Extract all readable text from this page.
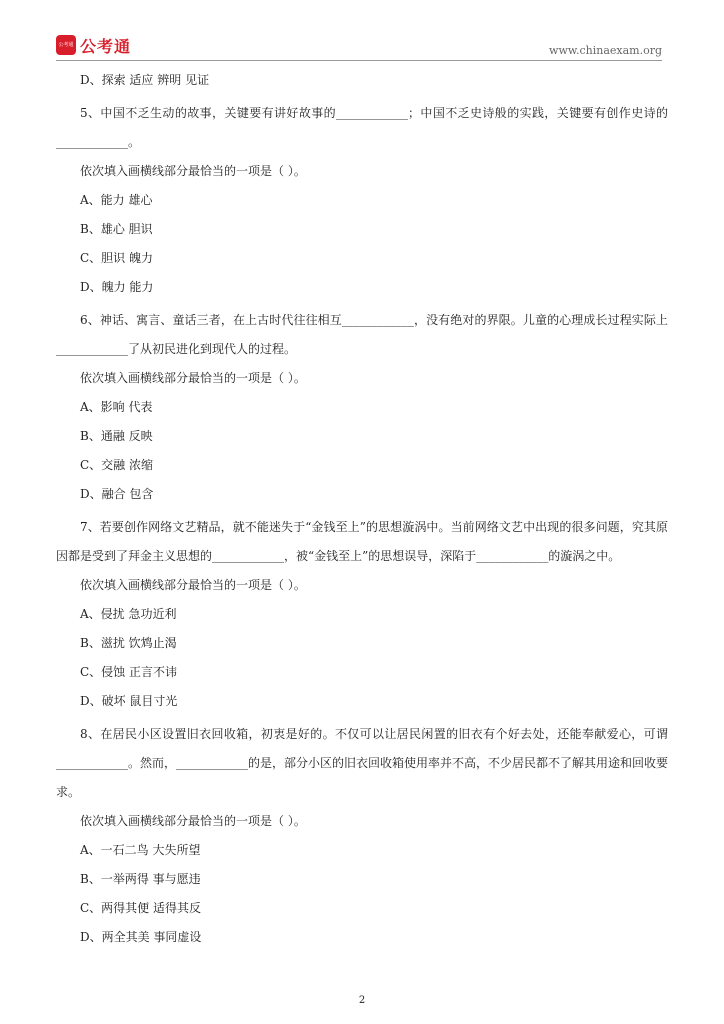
公考通 公考通	www.chinaexam.org

D、探索 适应 辨明 见证

5、中国不乏生动的故事，关键要有讲好故事的____________；中国不乏史诗般的实践，关键要有创作史诗的____________。

依次填入画横线部分最恰当的一项是（ ）。

A、能力 雄心

B、雄心 胆识

C、胆识 魄力

D、魄力 能力

6、神话、寓言、童话三者，在上古时代往往相互____________，没有绝对的界限。儿童的心理成长过程实际上____________了从初民进化到现代人的过程。

依次填入画横线部分最恰当的一项是（ ）。

A、影响 代表

B、通融 反映

C、交融 浓缩

D、融合 包含

7、若要创作网络文艺精品，就不能迷失于“金钱至上”的思想漩涡中。当前网络文艺中出现的很多问题，究其原因都是受到了拜金主义思想的____________，被“金钱至上”的思想误导，深陷于____________的漩涡之中。

依次填入画横线部分最恰当的一项是（ ）。

A、侵扰 急功近利

B、滋扰 饮鸩止渴

C、侵蚀 正言不讳

D、破坏 鼠目寸光

8、在居民小区设置旧衣回收箱，初衷是好的。不仅可以让居民闲置的旧衣有个好去处，还能奉献爱心，可谓____________。然而，____________的是，部分小区的旧衣回收箱使用率并不高，不少居民都不了解其用途和回收要求。

依次填入画横线部分最恰当的一项是（ ）。

A、一石二鸟 大失所望

B、一举两得 事与愿违

C、两得其便 适得其反

D、两全其美 事同虚设

2
